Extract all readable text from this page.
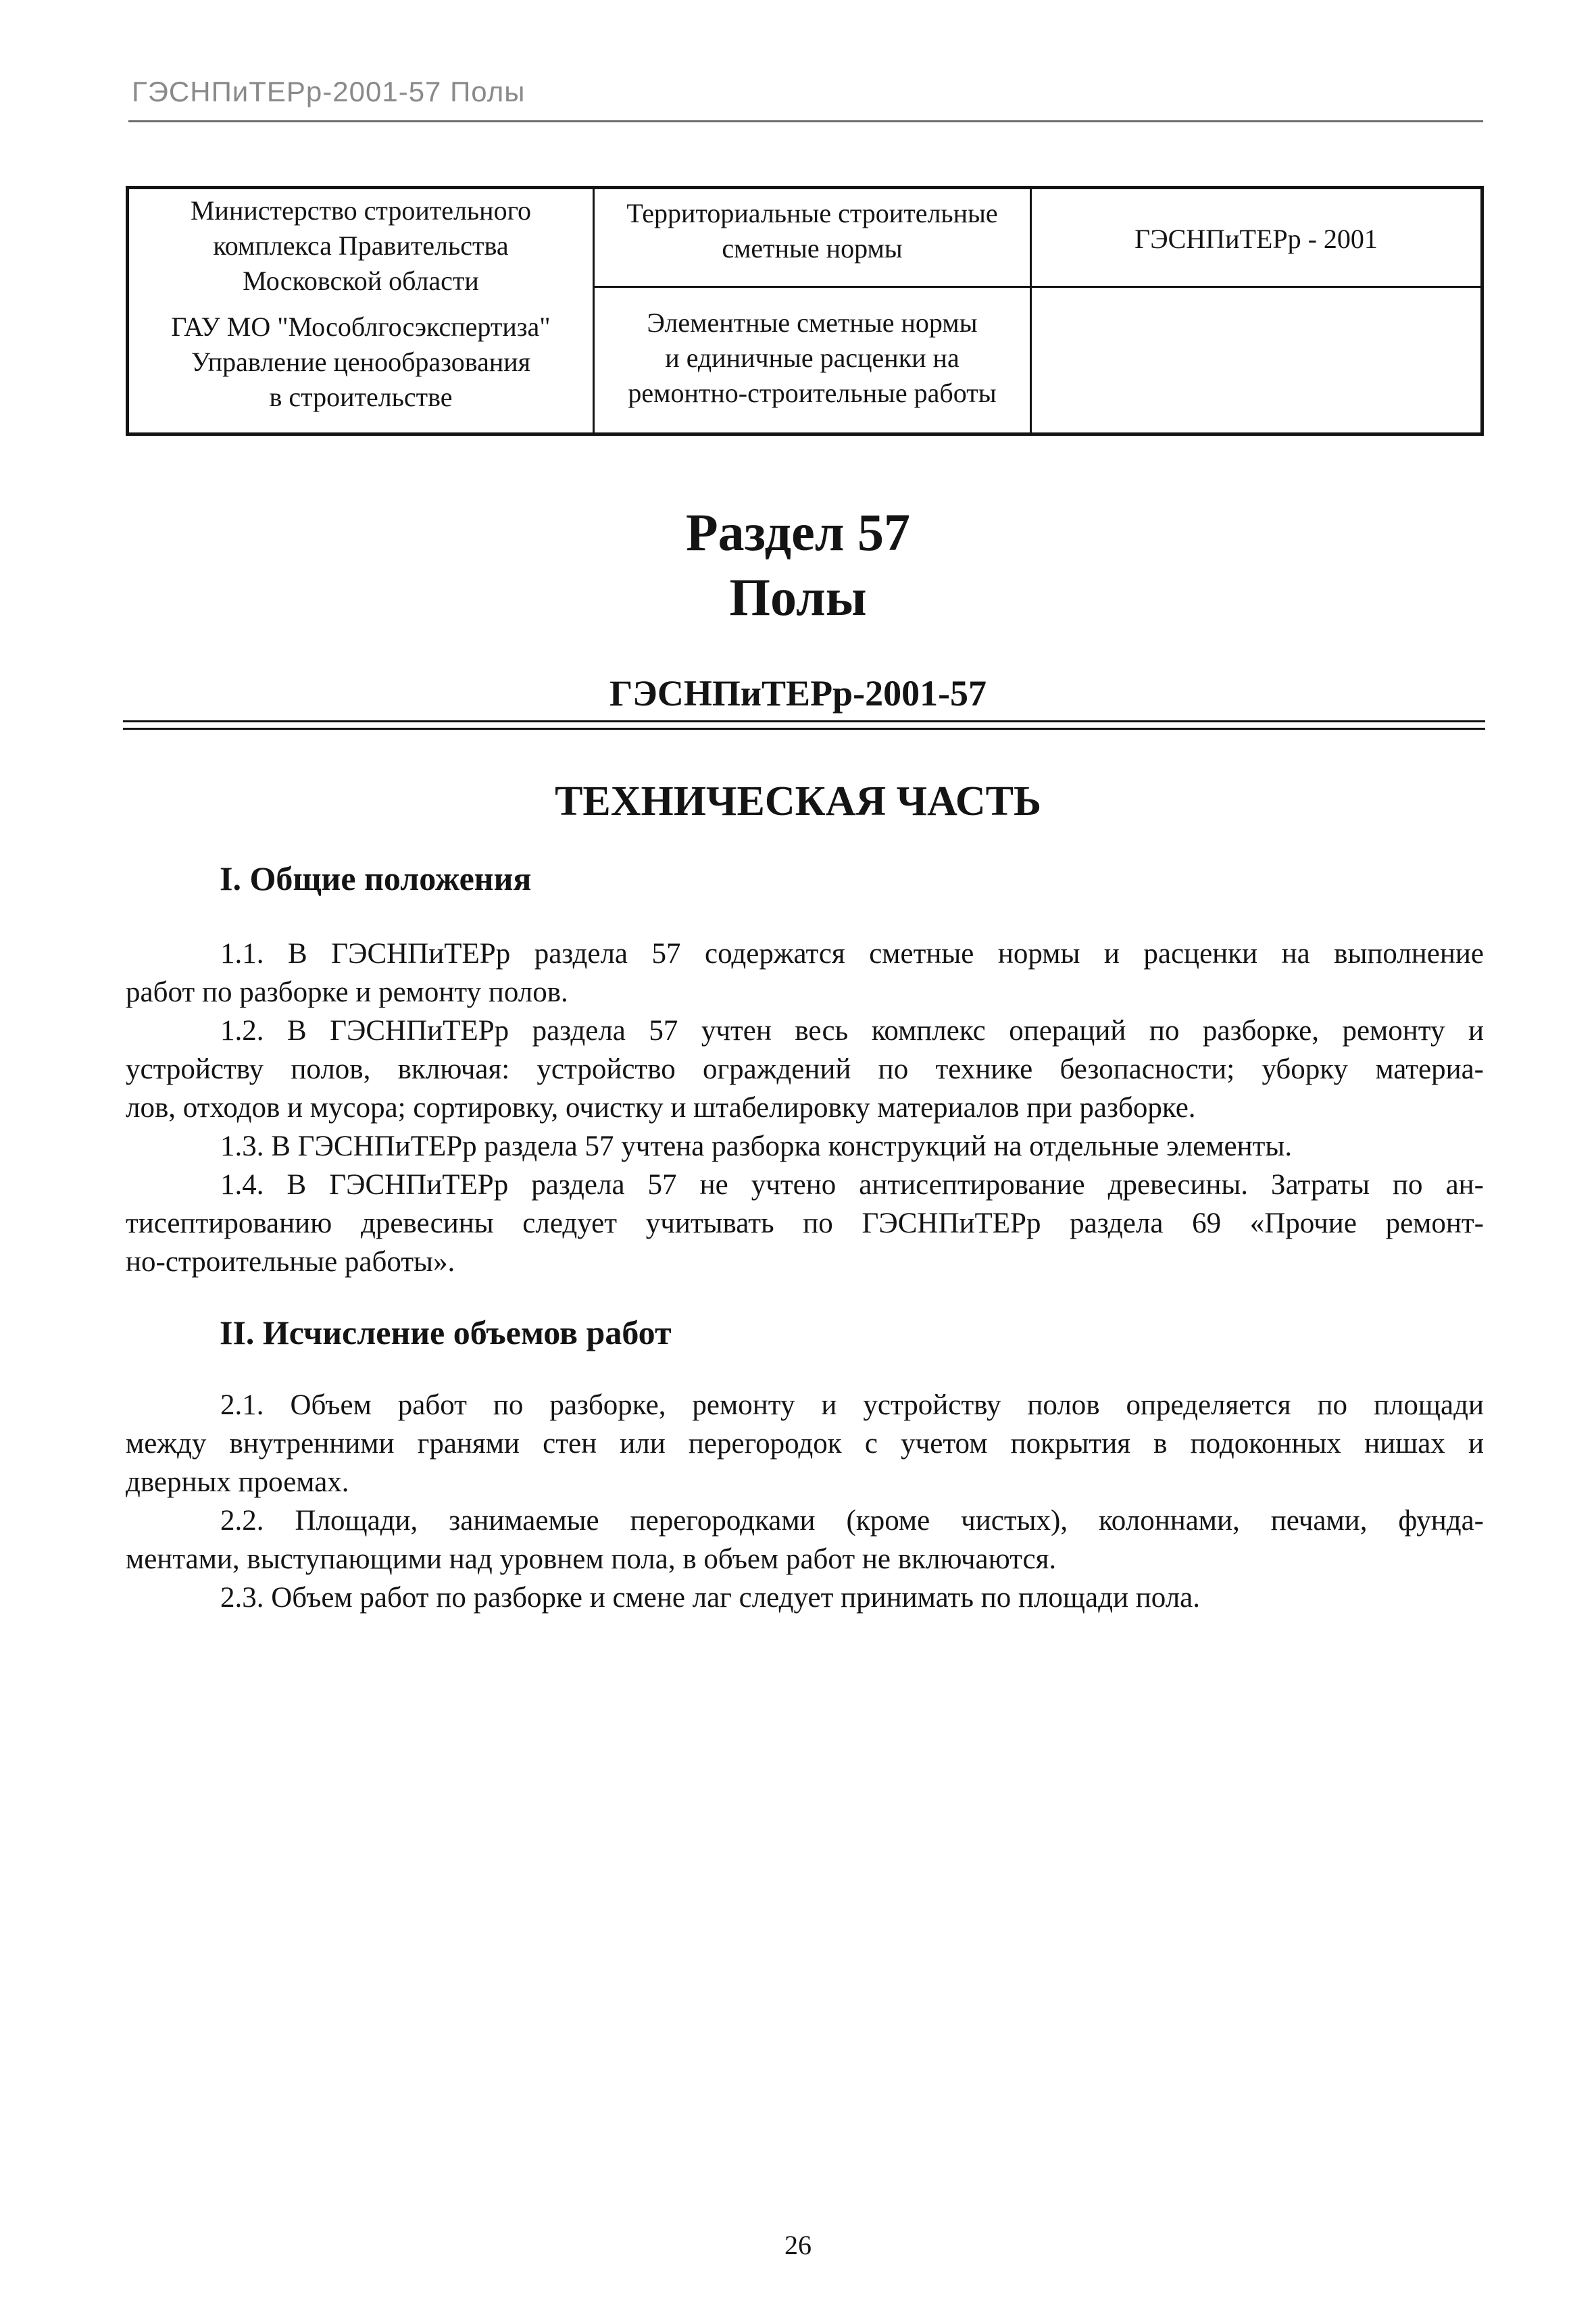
ГЭСНПиТЕРр-2001-57 Полы
Министерство строительного
комплекса Правительства
Московской области
ГАУ МО "Мособлгосэкспертиза"
Управление ценообразования
в строительстве
Территориальные строительные
сметные нормы
Элементные сметные нормы
и единичные расценки на
ремонтно-строительные работы
ГЭСНПиТЕРр - 2001
Раздел 57
Полы
ГЭСНПиТЕРр-2001-57
ТЕХНИЧЕСКАЯ ЧАСТЬ
I. Общие положения
1.1. В ГЭСНПиТЕРр раздела 57 содержатся сметные нормы и расценки на выполнение
работ по разборке и ремонту полов.
1.2. В ГЭСНПиТЕРр раздела 57 учтен весь комплекс операций по разборке, ремонту и
устройству полов, включая: устройство ограждений по технике безопасности; уборку материа-
лов, отходов и мусора; сортировку, очистку и штабелировку материалов при разборке.
1.3. В ГЭСНПиТЕРр раздела 57 учтена разборка конструкций на отдельные элементы.
1.4. В ГЭСНПиТЕРр раздела 57 не учтено антисептирование древесины. Затраты по ан-
тисептированию древесины следует учитывать по ГЭСНПиТЕРр раздела 69 «Прочие ремонт-
но-строительные работы».
II. Исчисление объемов работ
2.1. Объем работ по разборке, ремонту и устройству полов определяется по площади
между внутренними гранями стен или перегородок с учетом покрытия в подоконных нишах и
дверных проемах.
2.2. Площади, занимаемые перегородками (кроме чистых), колоннами, печами, фунда-
ментами, выступающими над уровнем пола, в объем работ не включаются.
2.3. Объем работ по разборке и смене лаг следует принимать по площади пола.
26
